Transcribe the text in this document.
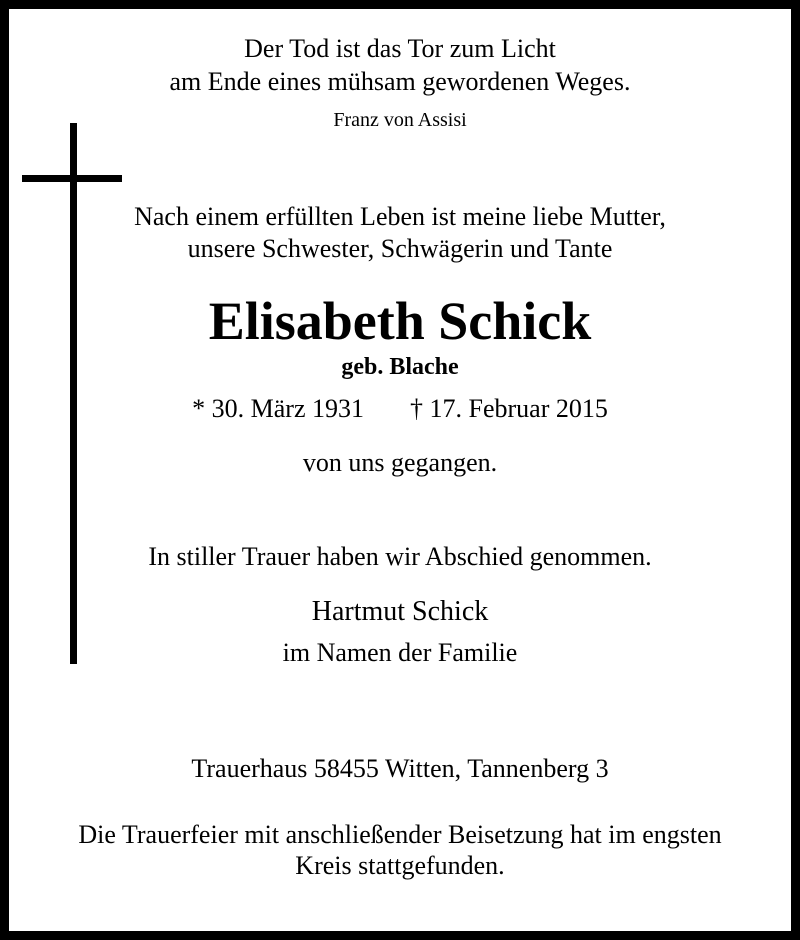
Der Tod ist das Tor zum Licht
am Ende eines mühsam gewordenen Weges.
Franz von Assisi
Nach einem erfüllten Leben ist meine liebe Mutter,
unsere Schwester, Schwägerin und Tante
Elisabeth Schick
geb. Blache
* 30. März 1931 † 17. Februar 2015
von uns gegangen.
In stiller Trauer haben wir Abschied genommen.
Hartmut Schick
im Namen der Familie
Trauerhaus 58455 Witten, Tannenberg 3
Die Trauerfeier mit anschließender Beisetzung hat im engsten
Kreis stattgefunden.
